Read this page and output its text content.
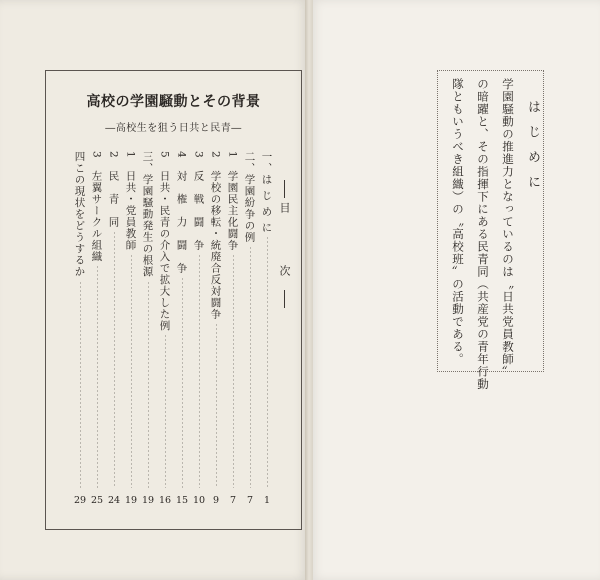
高校の学園騒動とその背景
―高校生を狙う日共と民青―
目　　次
一、は じ め に
1
二、学園紛争の例
7
1　学園民主化闘争
7
2　学校の移転・統廃合反対闘争
9
3　反　戦　闘　争
10
4　対　権　力　闘　争
15
5　日共・民青の介入で拡大した例
16
三、学園騒動発生の根源
19
1　日共・党員教師
19
2　民　青　同
24
3　左翼サークル組織
25
四この現状をどうするか
29
はじめに
学園騒動の推進力となっているのは〝日共党員教師〟
の暗躍と、その指揮下にある民青同（共産党の青年行動
隊ともいうべき組織）の〝高校班〟の活動である。
